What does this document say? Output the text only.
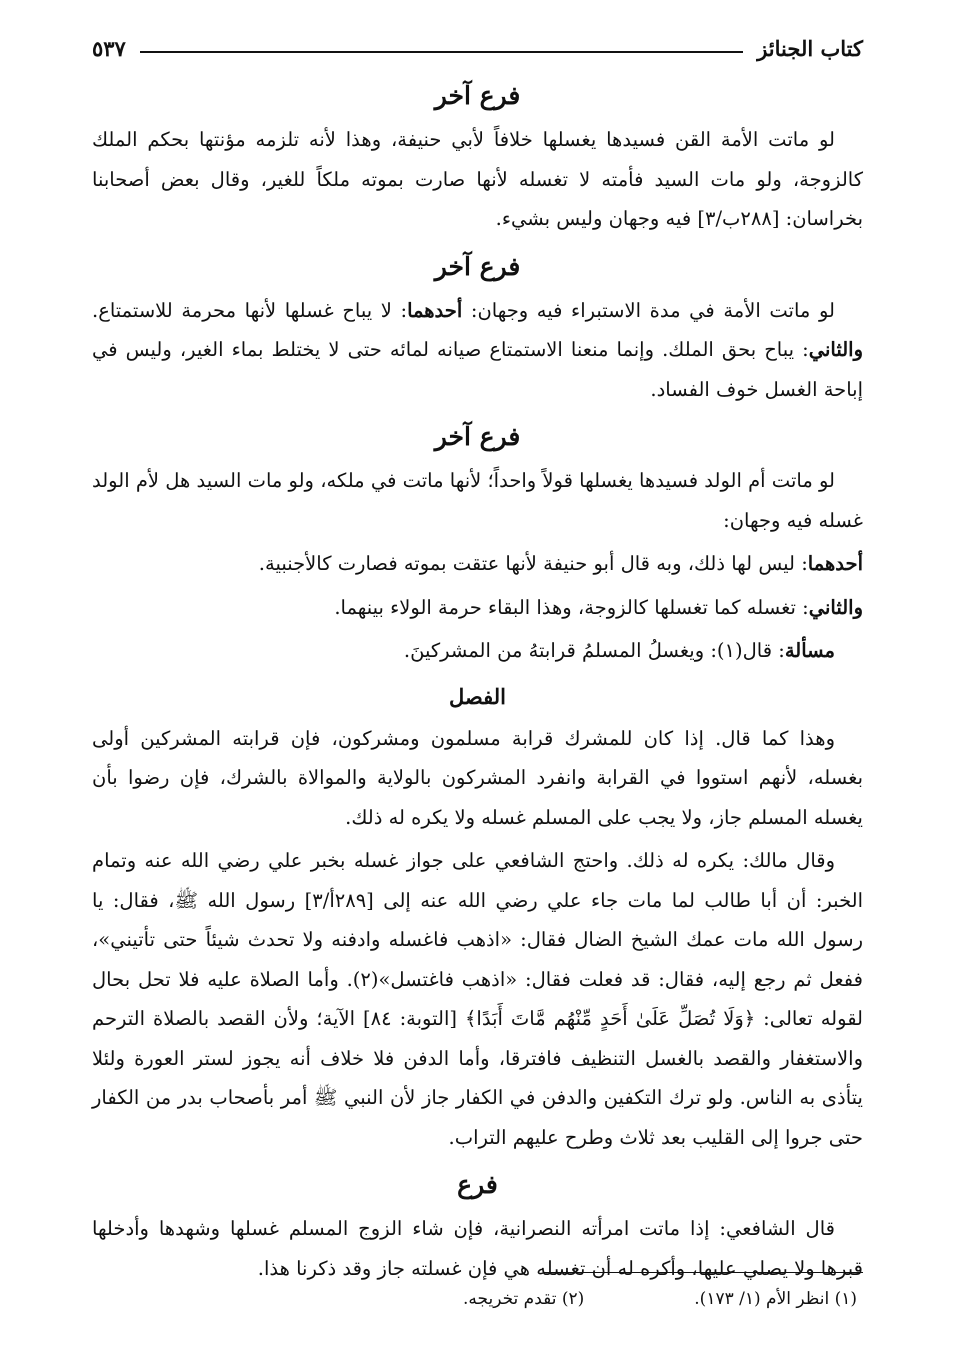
كتاب الجنائز
٥٣٧
فرع آخر

لو ماتت الأمة القن فسيدها يغسلها خلافاً لأبي حنيفة، وهذا لأنه تلزمه مؤنتها بحكم الملك كالزوجة، ولو مات السيد فأمته لا تغسله لأنها صارت بموته ملكاً للغير، وقال بعض أصحابنا بخراسان: [٢٨٨ب/٣] فيه وجهان وليس بشيء.

فرع آخر

لو ماتت الأمة في مدة الاستبراء فيه وجهان: أحدهما: لا يباح غسلها لأنها محرمة للاستمتاع. والثاني: يباح بحق الملك. وإنما منعنا الاستمتاع صيانه لمائه حتى لا يختلط بماء الغير، وليس في إباحة الغسل خوف الفساد.

فرع آخر

لو ماتت أم الولد فسيدها يغسلها قولاً واحداً؛ لأنها ماتت في ملكه، ولو مات السيد هل لأم الولد غسله فيه وجهان:

أحدهما: ليس لها ذلك، وبه قال أبو حنيفة لأنها عتقت بموته فصارت كالأجنبية.

والثاني: تغسله كما تغسلها كالزوجة، وهذا البقاء حرمة الولاء بينهما.

مسألة: قال(١): ويغسلُ المسلمُ قرابتهُ من المشركينَ.

الفصل

وهذا كما قال. إذا كان للمشرك قرابة مسلمون ومشركون، فإن قرابته المشركين أولى بغسله، لأنهم استووا في القرابة وانفرد المشركون بالولاية والموالاة بالشرك، فإن رضوا بأن يغسله المسلم جاز، ولا يجب على المسلم غسله ولا يكره له ذلك.

وقال مالك: يكره له ذلك. واحتج الشافعي على جواز غسله بخبر علي رضي الله عنه وتمام الخبر: أن أبا طالب لما مات جاء علي رضي الله عنه إلى [٢٨٩أ/٣] رسول الله ﷺ، فقال: يا رسول الله مات عمك الشيخ الضال فقال: «اذهب فاغسله وادفنه ولا تحدث شيئاً حتى تأتيني»، ففعل ثم رجع إليه، فقال: قد فعلت فقال: «اذهب فاغتسل»(٢). وأما الصلاة عليه فلا تحل بحال لقوله تعالى: ﴿وَلَا تُصَلِّ عَلَىٰ أَحَدٍ مِّنْهُم مَّاتَ أَبَدًا﴾ [التوبة: ٨٤] الآية؛ ولأن القصد بالصلاة الترحم والاستغفار والقصد بالغسل التنظيف فافترقا، وأما الدفن فلا خلاف أنه يجوز لستر العورة ولئلا يتأذى به الناس. ولو ترك التكفين والدفن في الكفار جاز لأن النبي ﷺ أمر بأصحاب بدر من الكفار حتى جروا إلى القليب بعد ثلاث وطرح عليهم التراب.

فرع

قال الشافعي: إذا ماتت امرأته النصرانية، فإن شاء الزوج المسلم غسلها وشهدها وأدخلها قبرها ولا يصلي عليها، وأكره له أن تغسله هي فإن غسلته جاز وقد ذكرنا هذا.

(١) انظر الأم (١/ ١٧٣).
(٢) تقدم تخريجه.
